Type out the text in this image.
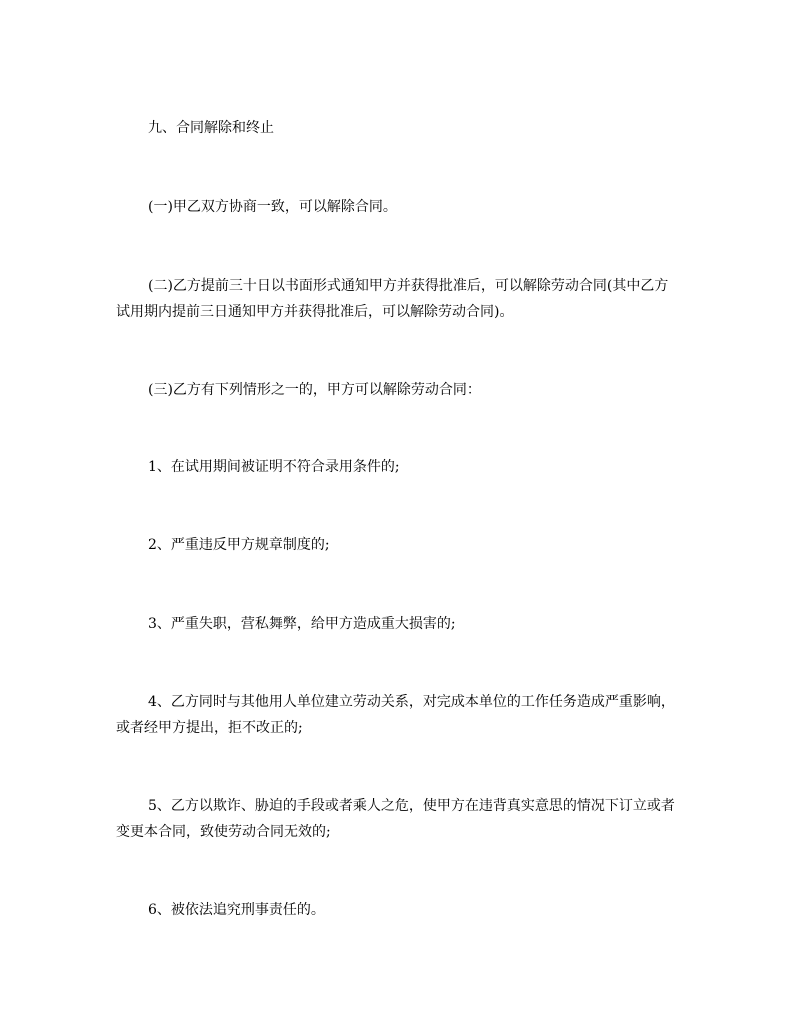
九、合同解除和终止

(一)甲乙双方协商一致，可以解除合同。

(二)乙方提前三十日以书面形式通知甲方并获得批准后，可以解除劳动合同(其中乙方试用期内提前三日通知甲方并获得批准后，可以解除劳动合同)。

(三)乙方有下列情形之一的，甲方可以解除劳动合同：

1、在试用期间被证明不符合录用条件的;

2、严重违反甲方规章制度的;

3、严重失职，营私舞弊，给甲方造成重大损害的;

4、乙方同时与其他用人单位建立劳动关系，对完成本单位的工作任务造成严重影响，或者经甲方提出，拒不改正的;

5、乙方以欺诈、胁迫的手段或者乘人之危，使甲方在违背真实意思的情况下订立或者变更本合同，致使劳动合同无效的;

6、被依法追究刑事责任的。
